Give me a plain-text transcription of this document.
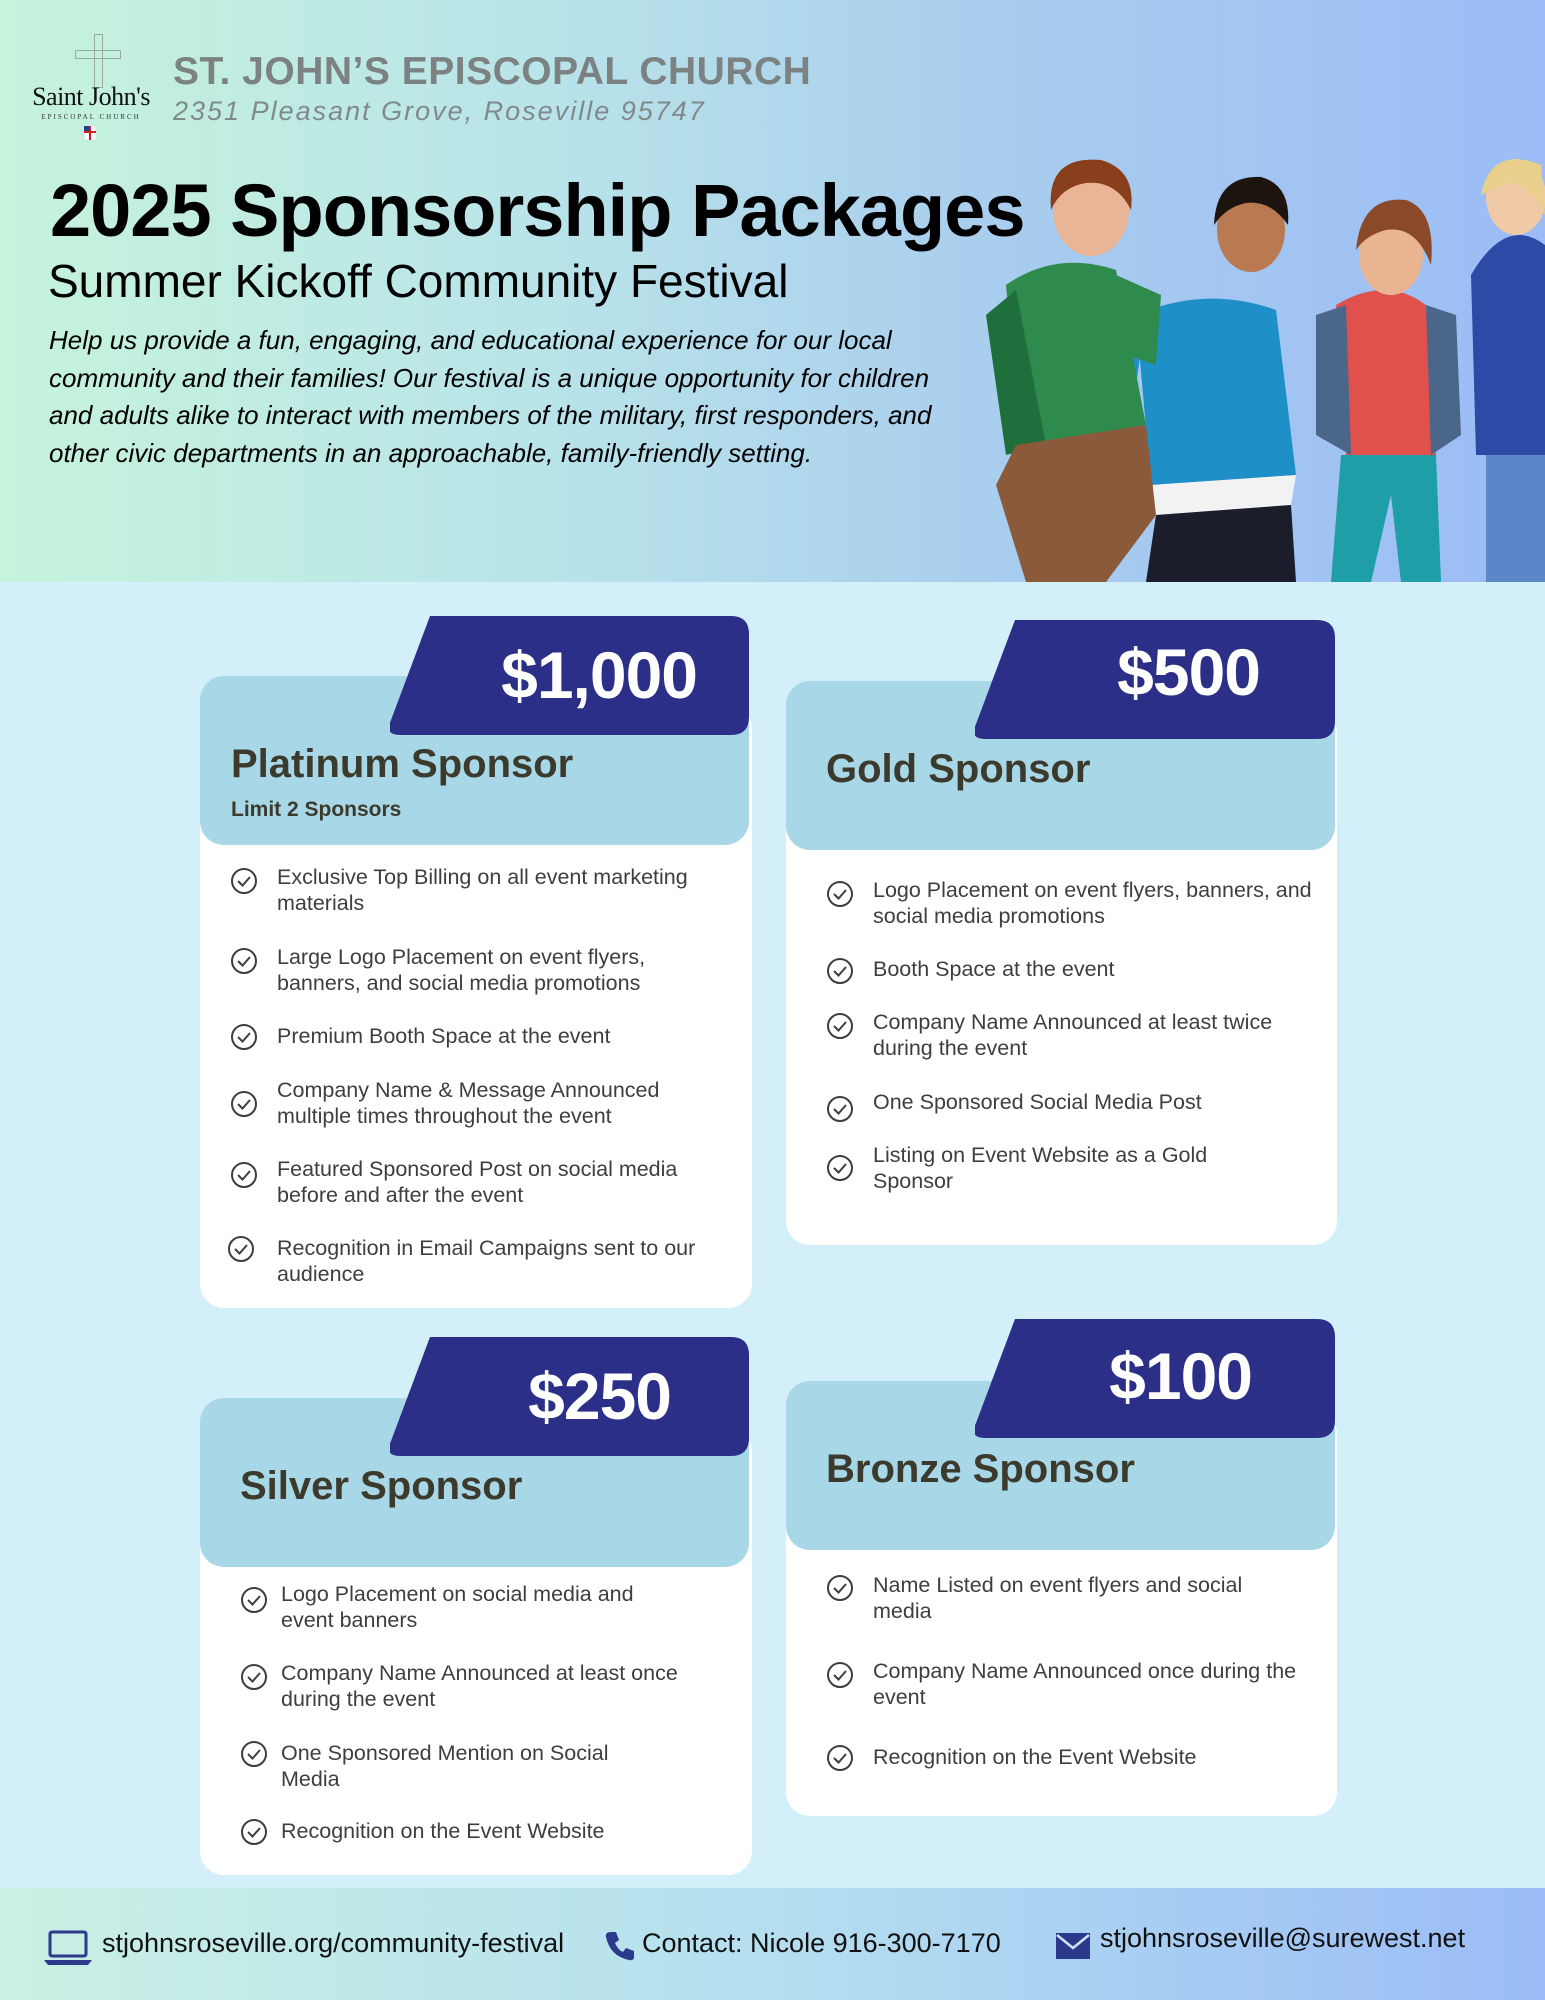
Saint John's
EPISCOPAL CHURCH
ST. JOHN’S EPISCOPAL CHURCH
2351 Pleasant Grove, Roseville 95747
2025 Sponsorship Packages
Summer Kickoff Community Festival
Help us provide a fun, engaging, and educational experience for our local community and their families! Our festival is a unique opportunity for children and adults alike to interact with members of the military, first responders, and other civic departments in an approachable, family-friendly setting.
$1,000
Platinum Sponsor
Limit 2 Sponsors
Exclusive Top Billing on all event marketing materials
Large Logo Placement on event flyers, banners, and social media promotions
Premium Booth Space at the event
Company Name & Message Announced multiple times throughout the event
Featured Sponsored Post on social media before and after the event
Recognition in Email Campaigns sent to our audience
$500
Gold Sponsor
Logo Placement on event flyers, banners, and social media promotions
Booth Space at the event
Company Name Announced at least twice during the event
One Sponsored Social Media Post
Listing on Event Website as a Gold Sponsor
$250
Silver Sponsor
Logo Placement on social media and event banners
Company Name Announced at least once during the event
One Sponsored Mention on Social Media
Recognition on the Event Website
$100
Bronze Sponsor
Name Listed on event flyers and social media
Company Name Announced once during the event
Recognition on the Event Website
stjohnsroseville.org/community-festival	Contact: Nicole 916-300-7170	stjohnsroseville@surewest.net
